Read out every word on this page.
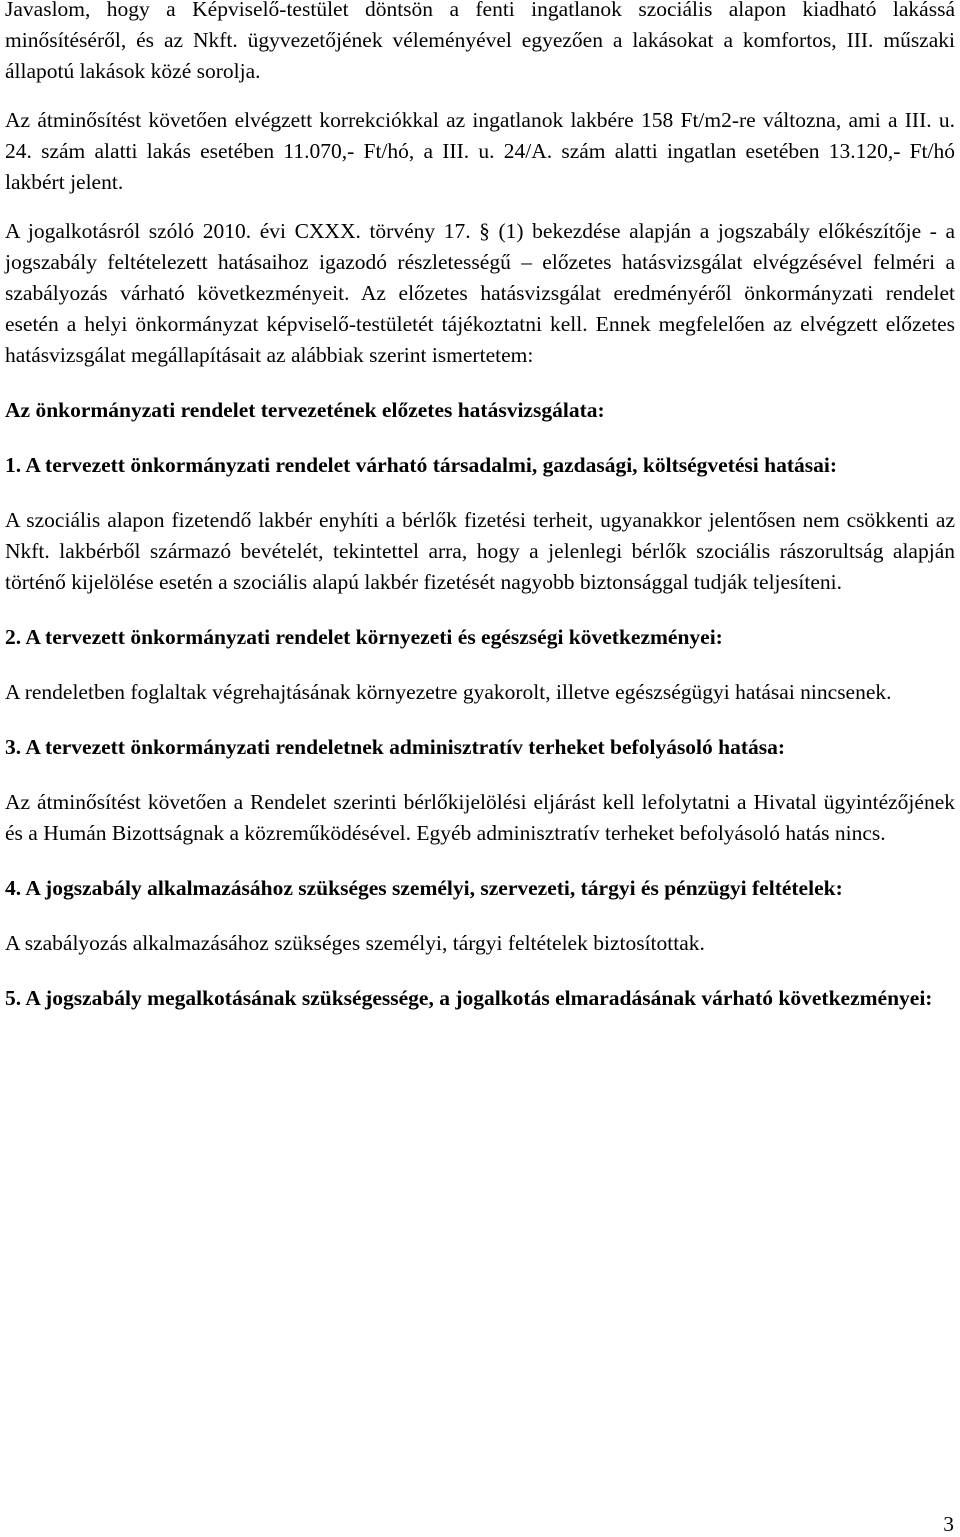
Javaslom, hogy a Képviselő-testület döntsön a fenti ingatlanok szociális alapon kiadható lakássá minősítéséről, és az Nkft. ügyvezetőjének véleményével egyezően a lakásokat a komfortos, III. műszaki állapotú lakások közé sorolja.

Az átminősítést követően elvégzett korrekciókkal az ingatlanok lakbére 158 Ft/m2-re változna, ami a III. u. 24. szám alatti lakás esetében 11.070,- Ft/hó, a III. u. 24/A. szám alatti ingatlan esetében 13.120,- Ft/hó lakbért jelent.

A jogalkotásról szóló 2010. évi CXXX. törvény 17. § (1) bekezdése alapján a jogszabály előkészítője - a jogszabály feltételezett hatásaihoz igazodó részletességű – előzetes hatásvizsgálat elvégzésével felméri a szabályozás várható következményeit. Az előzetes hatásvizsgálat eredményéről önkormányzati rendelet esetén a helyi önkormányzat képviselő-testületét tájékoztatni kell. Ennek megfelelően az elvégzett előzetes hatásvizsgálat megállapításait az alábbiak szerint ismertetem:

Az önkormányzati rendelet tervezetének előzetes hatásvizsgálata:

1. A tervezett önkormányzati rendelet várható társadalmi, gazdasági, költségvetési hatásai:

A szociális alapon fizetendő lakbér enyhíti a bérlők fizetési terheit, ugyanakkor jelentősen nem csökkenti az Nkft. lakbérből származó bevételét, tekintettel arra, hogy a jelenlegi bérlők szociális rászorultság alapján történő kijelölése esetén a szociális alapú lakbér fizetését nagyobb biztonsággal tudják teljesíteni.

2. A tervezett önkormányzati rendelet környezeti és egészségi következményei:

A rendeletben foglaltak végrehajtásának környezetre gyakorolt, illetve egészségügyi hatásai nincsenek.

3. A tervezett önkormányzati rendeletnek adminisztratív terheket befolyásoló hatása:

Az átminősítést követően a Rendelet szerinti bérlőkijelölési eljárást kell lefolytatni a Hivatal ügyintézőjének és a Humán Bizottságnak a közreműködésével. Egyéb adminisztratív terheket befolyásoló hatás nincs.

4. A jogszabály alkalmazásához szükséges személyi, szervezeti, tárgyi és pénzügyi feltételek:

A szabályozás alkalmazásához szükséges személyi, tárgyi feltételek biztosítottak.

5. A jogszabály megalkotásának szükségessége, a jogalkotás elmaradásának várható következményei:

3
